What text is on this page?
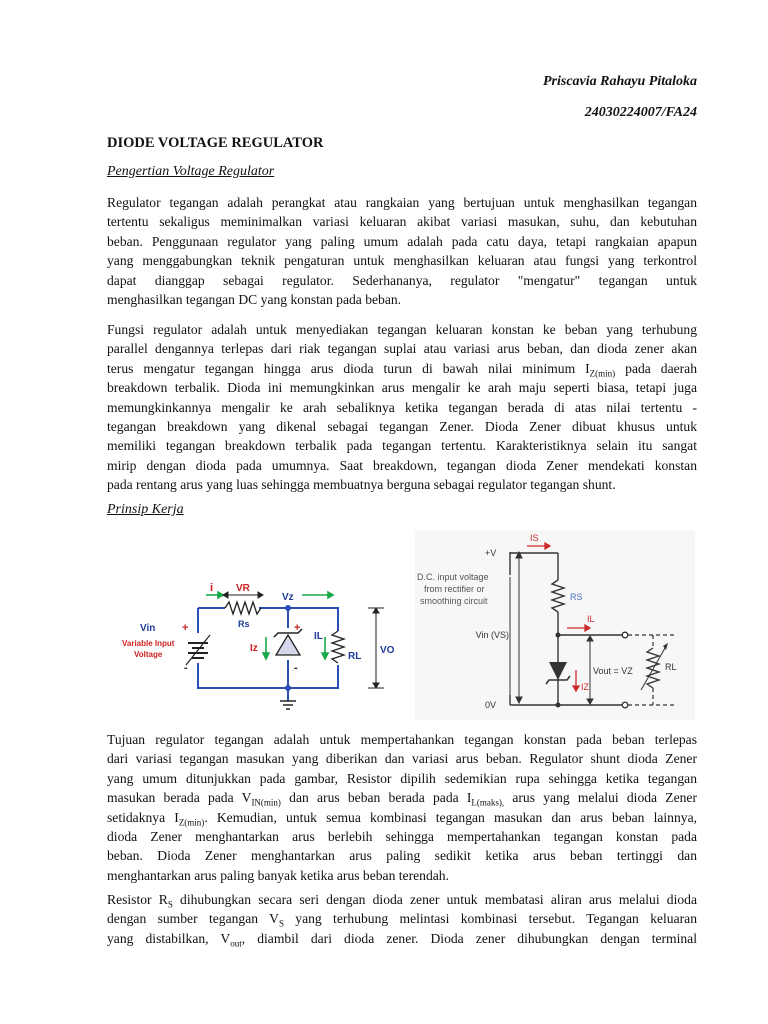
Priscavia Rahayu Pitaloka
24030224007/FA24
DIODE VOLTAGE REGULATOR
Pengertian Voltage Regulator
Regulator tegangan adalah perangkat atau rangkaian yang bertujuan untuk menghasilkan tegangan
tertentu sekaligus meminimalkan variasi keluaran akibat variasi masukan, suhu, dan kebutuhan
beban. Penggunaan regulator yang paling umum adalah pada catu daya, tetapi rangkaian apapun
yang menggabungkan teknik pengaturan untuk menghasilkan keluaran atau fungsi yang terkontrol
dapat dianggap sebagai regulator. Sederhananya, regulator "mengatur" tegangan untuk
menghasilkan tegangan DC yang konstan pada beban.
Fungsi regulator adalah untuk menyediakan tegangan keluaran konstan ke beban yang terhubung
parallel dengannya terlepas dari riak tegangan suplai atau variasi arus beban, dan dioda zener akan
terus mengatur tegangan hingga arus dioda turun di bawah nilai minimum $I_{Z(min)}$ pada daerah
breakdown terbalik. Dioda ini memungkinkan arus mengalir ke arah maju seperti biasa, tetapi juga
memungkinkannya mengalir ke arah sebaliknya ketika tegangan berada di atas nilai tertentu -
tegangan breakdown yang dikenal sebagai tegangan Zener. Dioda Zener dibuat khusus untuk
memiliki tegangan breakdown terbalik pada tegangan tertentu. Karakteristiknya selain itu sangat
mirip dengan dioda pada umumnya. Saat breakdown, tegangan dioda Zener mendekati konstan
pada rentang arus yang luas sehingga membuatnya berguna sebagai regulator tegangan shunt.
Prinsip Kerja
Vin
Variable Input
Voltage
+
-
i VR
Rs
Vz
Iz
+
-
IL
RL
VO
+V
0V
IS
RS
IL
IZ
RL
D.C. input voltage
from rectifier or
smoothing circuit
Vin (VS)
Vout = VZ
Tujuan regulator tegangan adalah untuk mempertahankan tegangan konstan pada beban terlepas
dari variasi tegangan masukan yang diberikan dan variasi arus beban. Regulator shunt dioda Zener
yang umum ditunjukkan pada gambar, Resistor dipilih sedemikian rupa sehingga ketika tegangan
masukan berada pada $V_{IN(min)}$ dan arus beban berada pada $I_{L(maks),}$ arus yang melalui dioda Zener
setidaknya $I_{Z(min)}$. Kemudian, untuk semua kombinasi tegangan masukan dan arus beban lainnya,
dioda Zener menghantarkan arus berlebih sehingga mempertahankan tegangan konstan pada
beban. Dioda Zener menghantarkan arus paling sedikit ketika arus beban tertinggi dan
menghantarkan arus paling banyak ketika arus beban terendah.
Resistor $R_S$ dihubungkan secara seri dengan dioda zener untuk membatasi aliran arus melalui dioda
dengan sumber tegangan $V_S$ yang terhubung melintasi kombinasi tersebut. Tegangan keluaran
yang distabilkan, $V_{out}$, diambil dari dioda zener. Dioda zener dihubungkan dengan terminal
